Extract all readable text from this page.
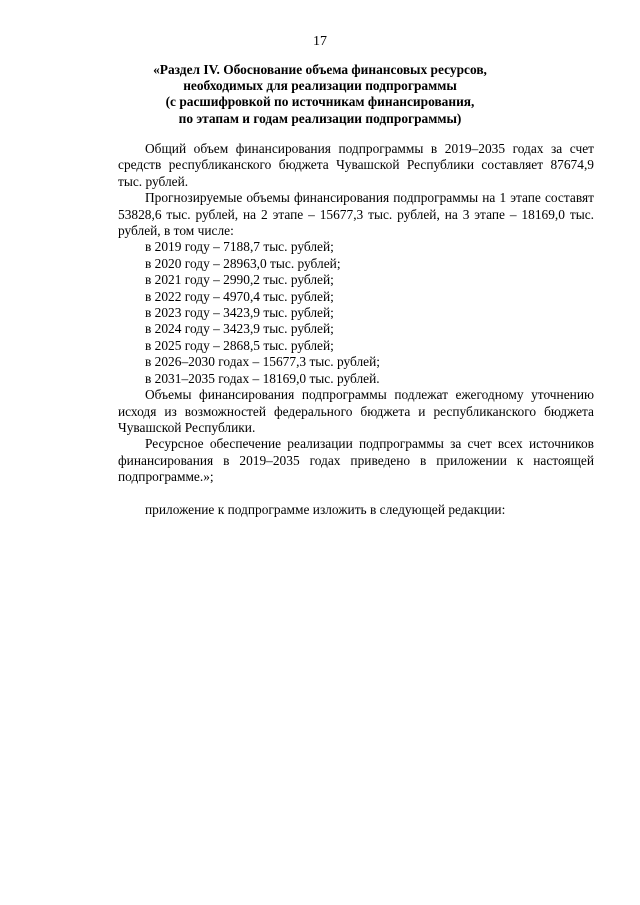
17
«Раздел IV. Обоснование объема финансовых ресурсов,
необходимых для реализации подпрограммы
(с расшифровкой по источникам финансирования,
по этапам и годам реализации подпрограммы)

Общий объем финансирования подпрограммы в 2019–2035 годах за счет средств республиканского бюджета Чувашской Республики составляет 87674,9 тыс. рублей.

Прогнозируемые объемы финансирования подпрограммы на 1 этапе составят 53828,6 тыс. рублей, на 2 этапе – 15677,3 тыс. рублей, на 3 этапе – 18169,0 тыс. рублей, в том числе:

в 2019 году – 7188,7 тыс. рублей;
в 2020 году – 28963,0 тыс. рублей;
в 2021 году – 2990,2 тыс. рублей;
в 2022 году – 4970,4 тыс. рублей;
в 2023 году – 3423,9 тыс. рублей;
в 2024 году – 3423,9 тыс. рублей;
в 2025 году – 2868,5 тыс. рублей;
в 2026–2030 годах – 15677,3 тыс. рублей;
в 2031–2035 годах – 18169,0 тыс. рублей.

Объемы финансирования подпрограммы подлежат ежегодному уточнению исходя из возможностей федерального бюджета и республиканского бюджета Чувашской Республики.

Ресурсное обеспечение реализации подпрограммы за счет всех источников финансирования в 2019–2035 годах приведено в приложении к настоящей подпрограмме.»;

приложение к подпрограмме изложить в следующей редакции:
